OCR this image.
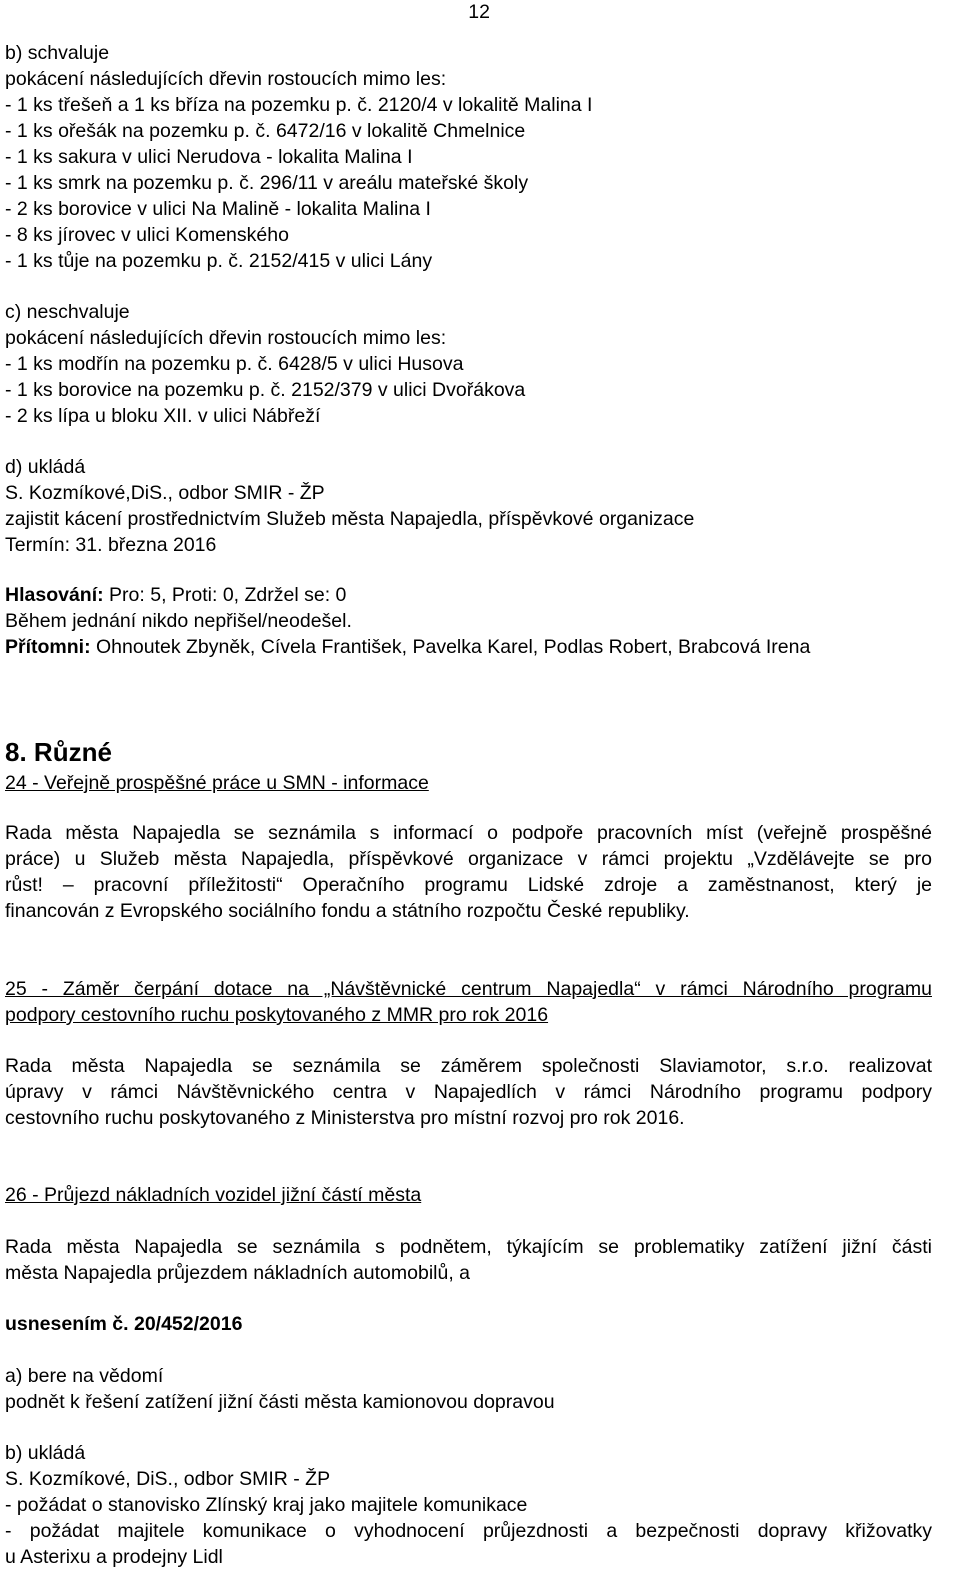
12
b) schvaluje
pokácení následujících dřevin rostoucích mimo les:
- 1 ks třešeň a 1 ks bříza na pozemku p. č. 2120/4 v lokalitě Malina I
- 1 ks ořešák na pozemku p. č. 6472/16 v lokalitě Chmelnice
- 1 ks sakura v ulici Nerudova - lokalita Malina I
- 1 ks smrk na pozemku p. č. 296/11 v areálu mateřské školy
- 2 ks borovice v ulici Na Malině - lokalita Malina I
- 8 ks jírovec v ulici Komenského
- 1 ks tůje na pozemku p. č. 2152/415 v ulici Lány
c) neschvaluje
pokácení následujících dřevin rostoucích mimo les:
- 1 ks modřín na pozemku p. č. 6428/5 v ulici Husova
- 1 ks borovice na pozemku p. č. 2152/379 v ulici Dvořákova
- 2 ks lípa u bloku XII. v ulici Nábřeží
d) ukládá
S. Kozmíkové,DiS., odbor SMIR - ŽP
zajistit kácení prostřednictvím Služeb města Napajedla, příspěvkové organizace
Termín: 31. března 2016
Hlasování: Pro: 5, Proti: 0, Zdržel se: 0
Během jednání nikdo nepřišel/neodešel.
Přítomni: Ohnoutek Zbyněk, Cívela František, Pavelka Karel, Podlas Robert, Brabcová Irena
8. Různé
24 - Veřejně prospěšné práce u SMN - informace
Rada města Napajedla se seznámila s informací o podpoře pracovních míst (veřejně prospěšné
práce) u Služeb města Napajedla, příspěvkové organizace v rámci projektu „Vzdělávejte se pro
růst! – pracovní příležitosti“ Operačního programu Lidské zdroje a zaměstnanost, který je
financován z Evropského sociálního fondu a státního rozpočtu České republiky.
25 - Záměr čerpání dotace na „Návštěvnické centrum Napajedla“ v rámci Národního programu
podpory cestovního ruchu poskytovaného z MMR pro rok 2016
Rada města Napajedla se seznámila se záměrem společnosti Slaviamotor, s.r.o. realizovat
úpravy v rámci Návštěvnického centra v Napajedlích v rámci Národního programu podpory
cestovního ruchu poskytovaného z Ministerstva pro místní rozvoj pro rok 2016.
26 - Průjezd nákladních vozidel jižní částí města
Rada města Napajedla se seznámila s podnětem, týkajícím se problematiky zatížení jižní části
města Napajedla průjezdem nákladních automobilů, a
usnesením č. 20/452/2016
a) bere na vědomí
podnět k řešení zatížení jižní části města kamionovou dopravou
b) ukládá
S. Kozmíkové, DiS., odbor SMIR - ŽP
- požádat o stanovisko Zlínský kraj jako majitele komunikace
- požádat majitele komunikace o vyhodnocení průjezdnosti a bezpečnosti dopravy křižovatky
u Asterixu a prodejny Lidl
